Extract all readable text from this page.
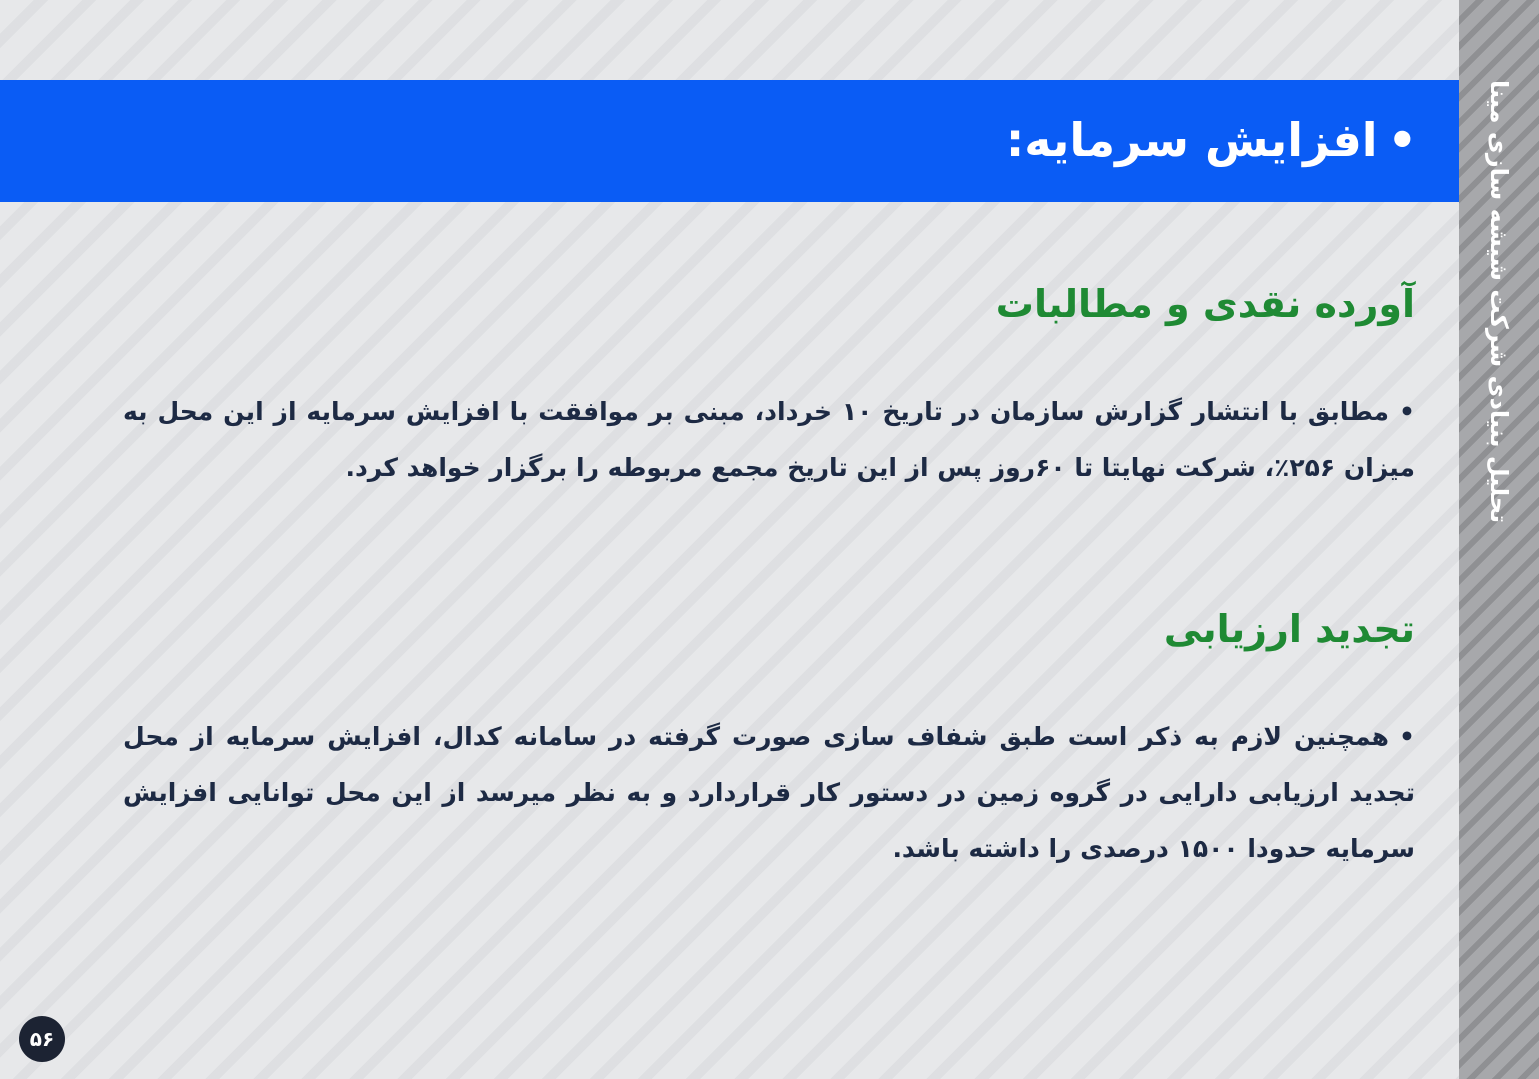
تحلیل بنیادی شرکت شیشه سازی مینا
•افزایش سرمایه:
آورده نقدی و مطالبات

•مطابق با انتشار گزارش سازمان در تاریخ ۱۰ خرداد، مبنی بر موافقت با افزایش سرمایه از این محل به میزان ۲۵۶٪، شرکت نهایتا تا ۶۰روز پس از این تاریخ مجمع مربوطه را برگزار خواهد کرد.

تجدید ارزیابی

•همچنین لازم به ذکر است طبق شفاف سازی صورت گرفته در سامانه کدال، افزایش سرمایه از محل تجدید ارزیابی دارایی در گروه زمین در دستور کار قراردارد و به نظر میرسد از این محل توانایی افزایش سرمایه حدودا ۱۵۰۰ درصدی را داشته باشد.

۵۶
